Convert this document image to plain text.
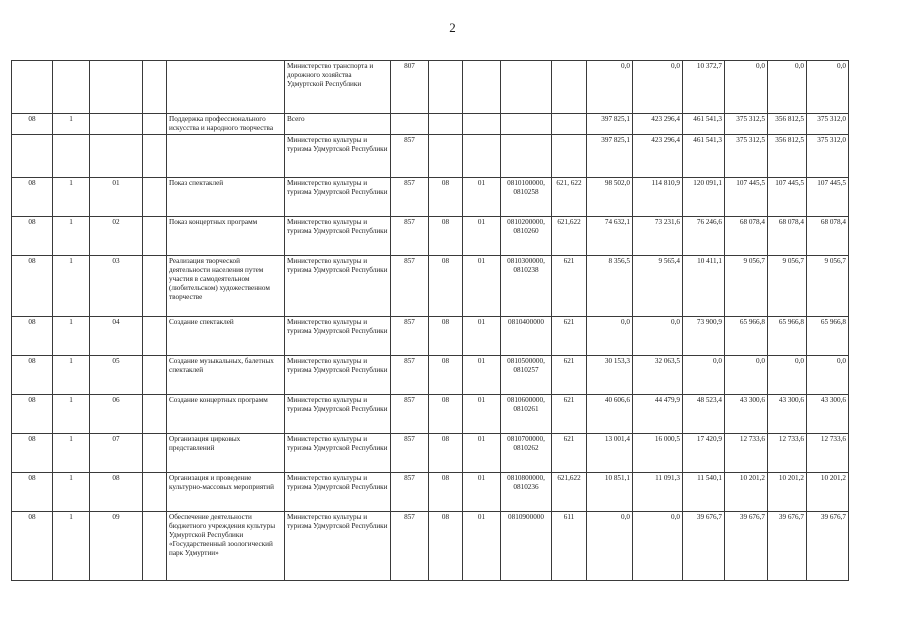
2
					Министерство транспорта и дорожного хозяйства Удмуртской Республики	807					0,0	0,0	10 372,7	0,0	0,0	0,0
08	1			Поддержка профессионального искусства и народного творчества	Всего						397 825,1	423 296,4	461 541,3	375 312,5	356 812,5	375 312,0
					Министерство культуры и туризма Удмуртской Республики	857					397 825,1	423 296,4	461 541,3	375 312,5	356 812,5	375 312,0
08	1	01		Показ спектаклей	Министерство культуры и туризма Удмуртской Республики	857	08	01	0810100000, 0810258	621, 622	98 502,0	114 810,9	120 091,1	107 445,5	107 445,5	107 445,5
08	1	02		Показ концертных программ	Министерство культуры и туризма Удмуртской Республики	857	08	01	0810200000, 0810260	621,622	74 632,1	73 231,6	76 246,6	68 078,4	68 078,4	68 078,4
08	1	03		Реализация творческой деятельности населения путем участия в самодеятельном (любительском) художественном творчестве	Министерство культуры и туризма Удмуртской Республики	857	08	01	0810300000, 0810238	621	8 356,5	9 565,4	10 411,1	9 056,7	9 056,7	9 056,7
08	1	04		Создание спектаклей	Министерство культуры и туризма Удмуртской Республики	857	08	01	0810400000	621	0,0	0,0	73 900,9	65 966,8	65 966,8	65 966,8
08	1	05		Создание музыкальных, балетных спектаклей	Министерство культуры и туризма Удмуртской Республики	857	08	01	0810500000, 0810257	621	30 153,3	32 063,5	0,0	0,0	0,0	0,0
08	1	06		Создание концертных программ	Министерство культуры и туризма Удмуртской Республики	857	08	01	0810600000, 0810261	621	40 606,6	44 479,9	48 523,4	43 300,6	43 300,6	43 300,6
08	1	07		Организация цирковых представлений	Министерство культуры и туризма Удмуртской Республики	857	08	01	0810700000, 0810262	621	13 001,4	16 000,5	17 420,9	12 733,6	12 733,6	12 733,6
08	1	08		Организация и проведение культурно-массовых мероприятий	Министерство культуры и туризма Удмуртской Республики	857	08	01	0810800000, 0810236	621,622	10 851,1	11 091,3	11 540,1	10 201,2	10 201,2	10 201,2
08	1	09		Обеспечение деятельности бюджетного учреждения культуры Удмуртской Республики «Государственный зоологический парк Удмуртии»	Министерство культуры и туризма Удмуртской Республики	857	08	01	0810900000	611	0,0	0,0	39 676,7	39 676,7	39 676,7	39 676,7
